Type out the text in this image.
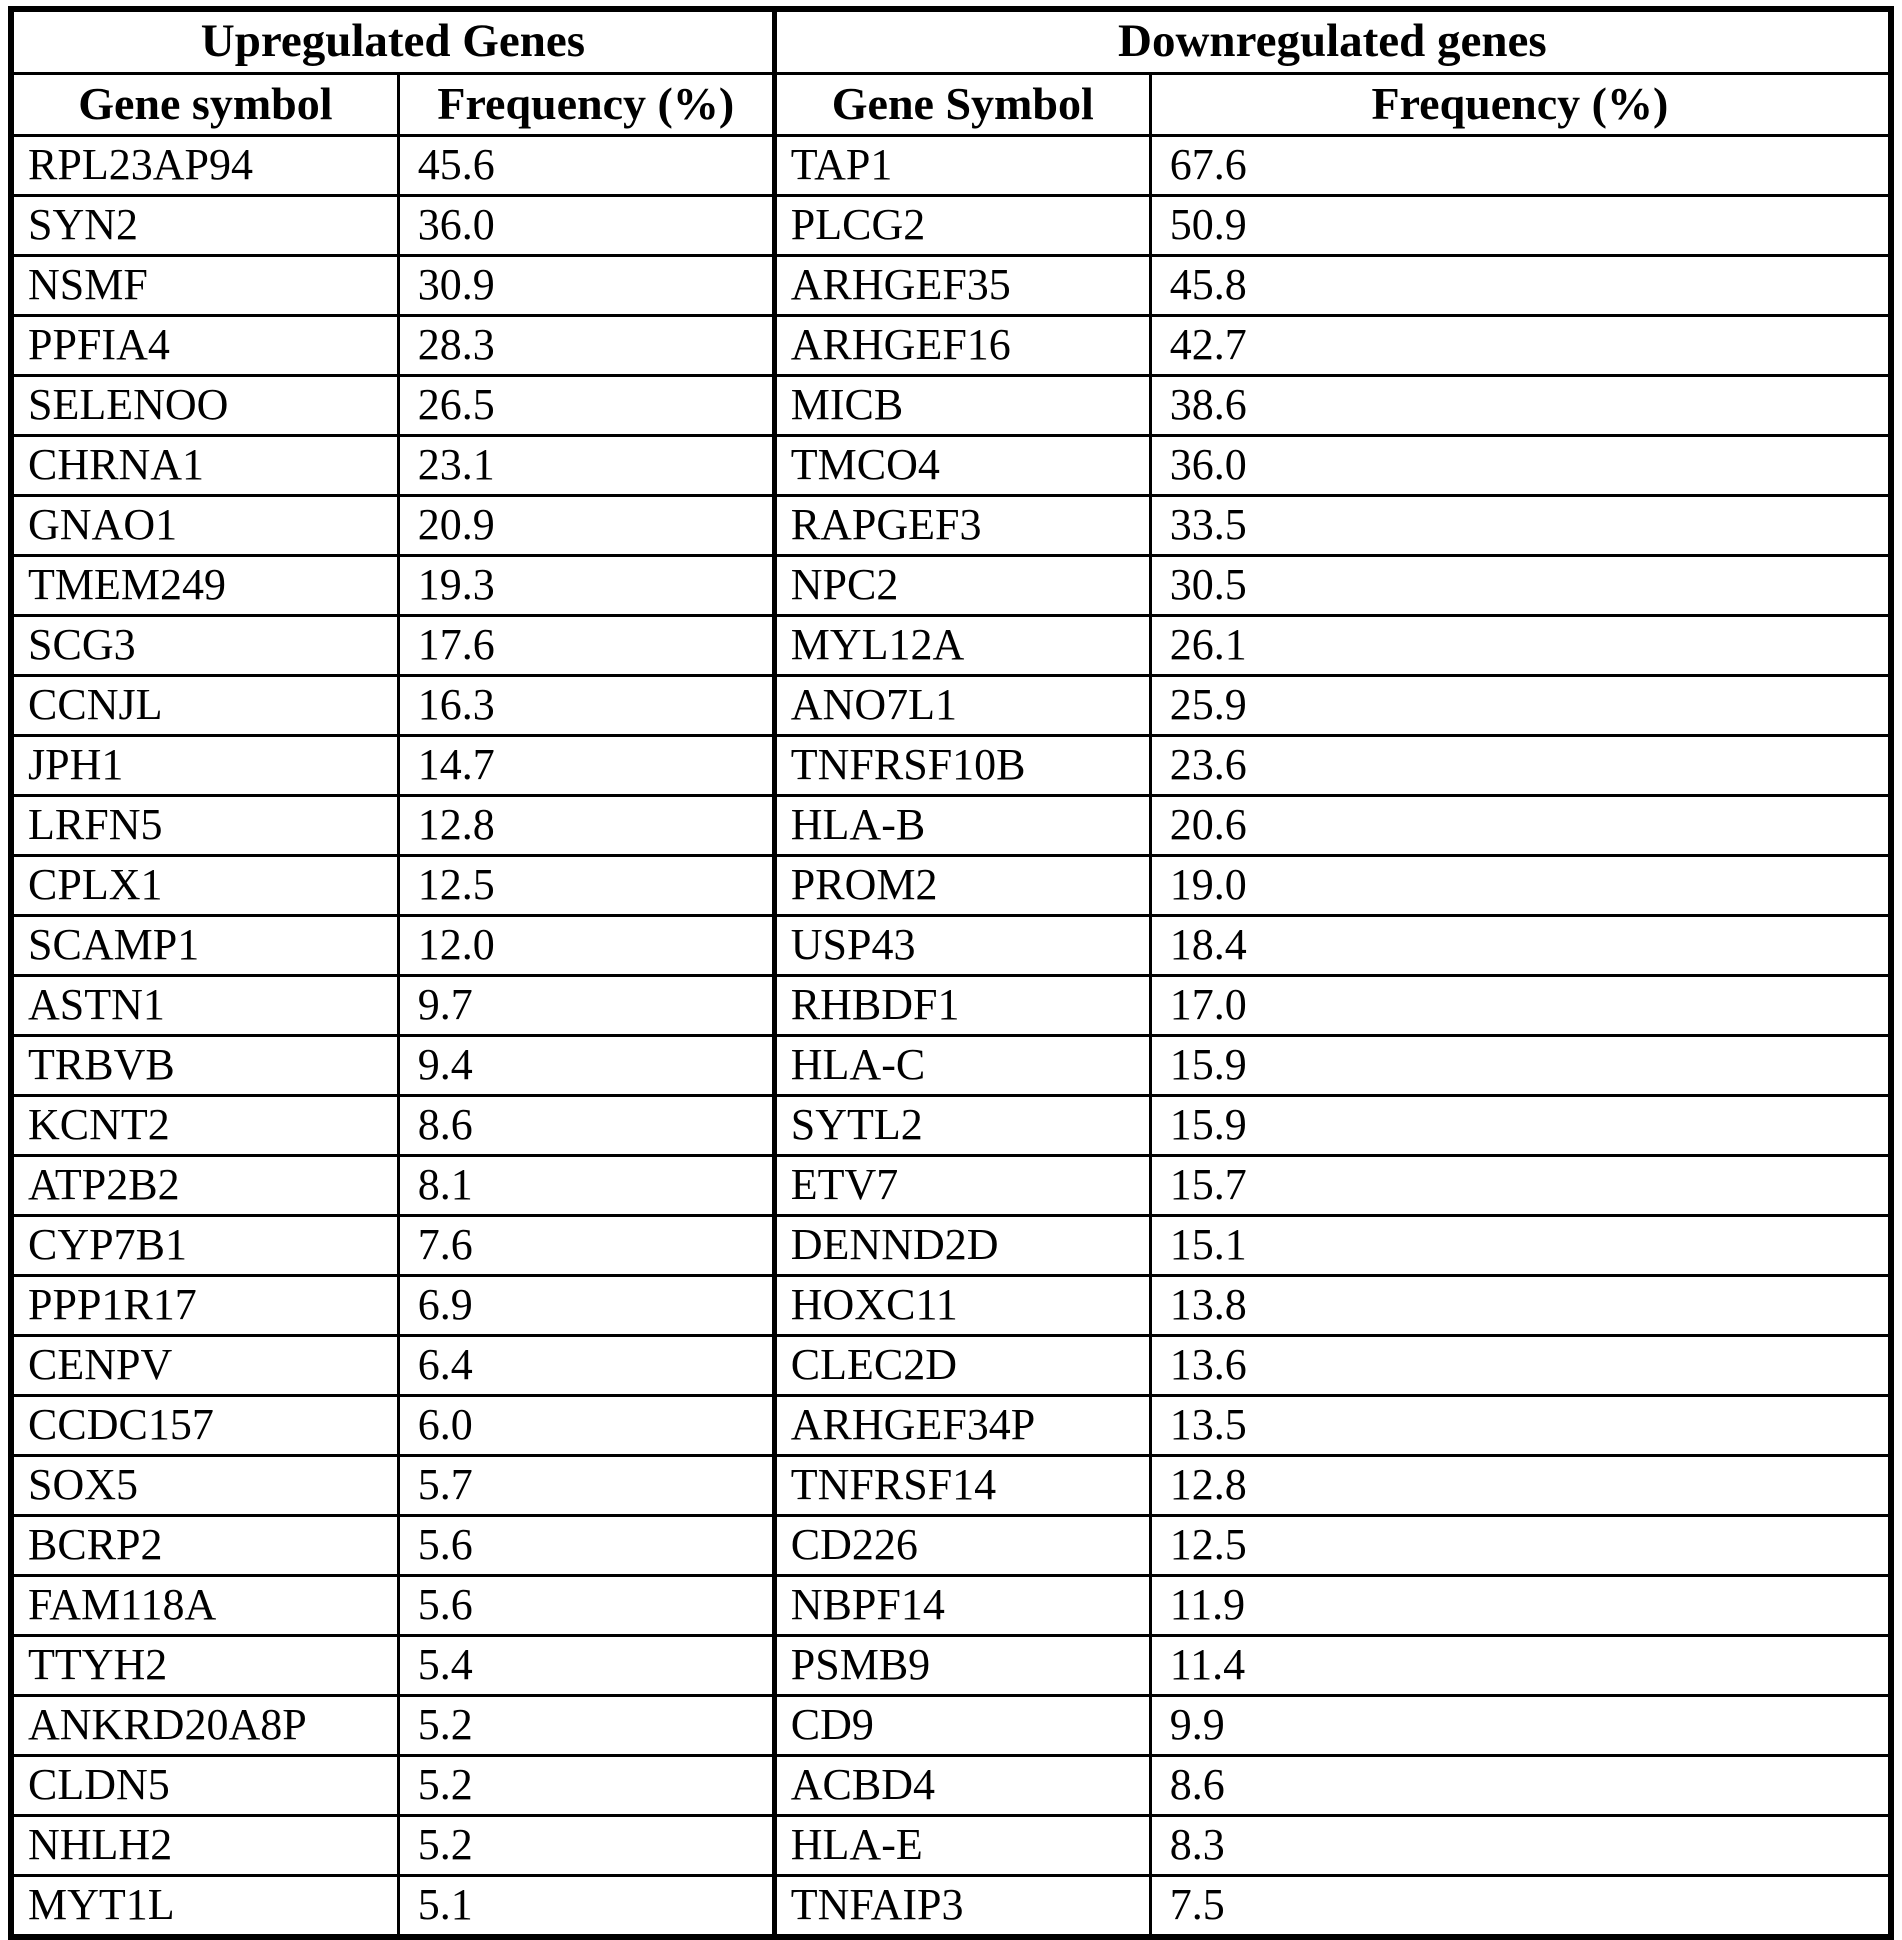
Upregulated Genes		Downregulated genes	
Gene symbol	Frequency (%)	Gene Symbol	Frequency (%)
RPL23AP94	45.6	TAP1	67.6
SYN2	36.0	PLCG2	50.9
NSMF	30.9	ARHGEF35	45.8
PPFIA4	28.3	ARHGEF16	42.7
SELENOO	26.5	MICB	38.6
CHRNA1	23.1	TMCO4	36.0
GNAO1	20.9	RAPGEF3	33.5
TMEM249	19.3	NPC2	30.5
SCG3	17.6	MYL12A	26.1
CCNJL	16.3	ANO7L1	25.9
JPH1	14.7	TNFRSF10B	23.6
LRFN5	12.8	HLA-B	20.6
CPLX1	12.5	PROM2	19.0
SCAMP1	12.0	USP43	18.4
ASTN1	9.7	RHBDF1	17.0
TRBVB	9.4	HLA-C	15.9
KCNT2	8.6	SYTL2	15.9
ATP2B2	8.1	ETV7	15.7
CYP7B1	7.6	DENND2D	15.1
PPP1R17	6.9	HOXC11	13.8
CENPV	6.4	CLEC2D	13.6
CCDC157	6.0	ARHGEF34P	13.5
SOX5	5.7	TNFRSF14	12.8
BCRP2	5.6	CD226	12.5
FAM118A	5.6	NBPF14	11.9
TTYH2	5.4	PSMB9	11.4
ANKRD20A8P	5.2	CD9	9.9
CLDN5	5.2	ACBD4	8.6
NHLH2	5.2	HLA-E	8.3
MYT1L	5.1	TNFAIP3	7.5
